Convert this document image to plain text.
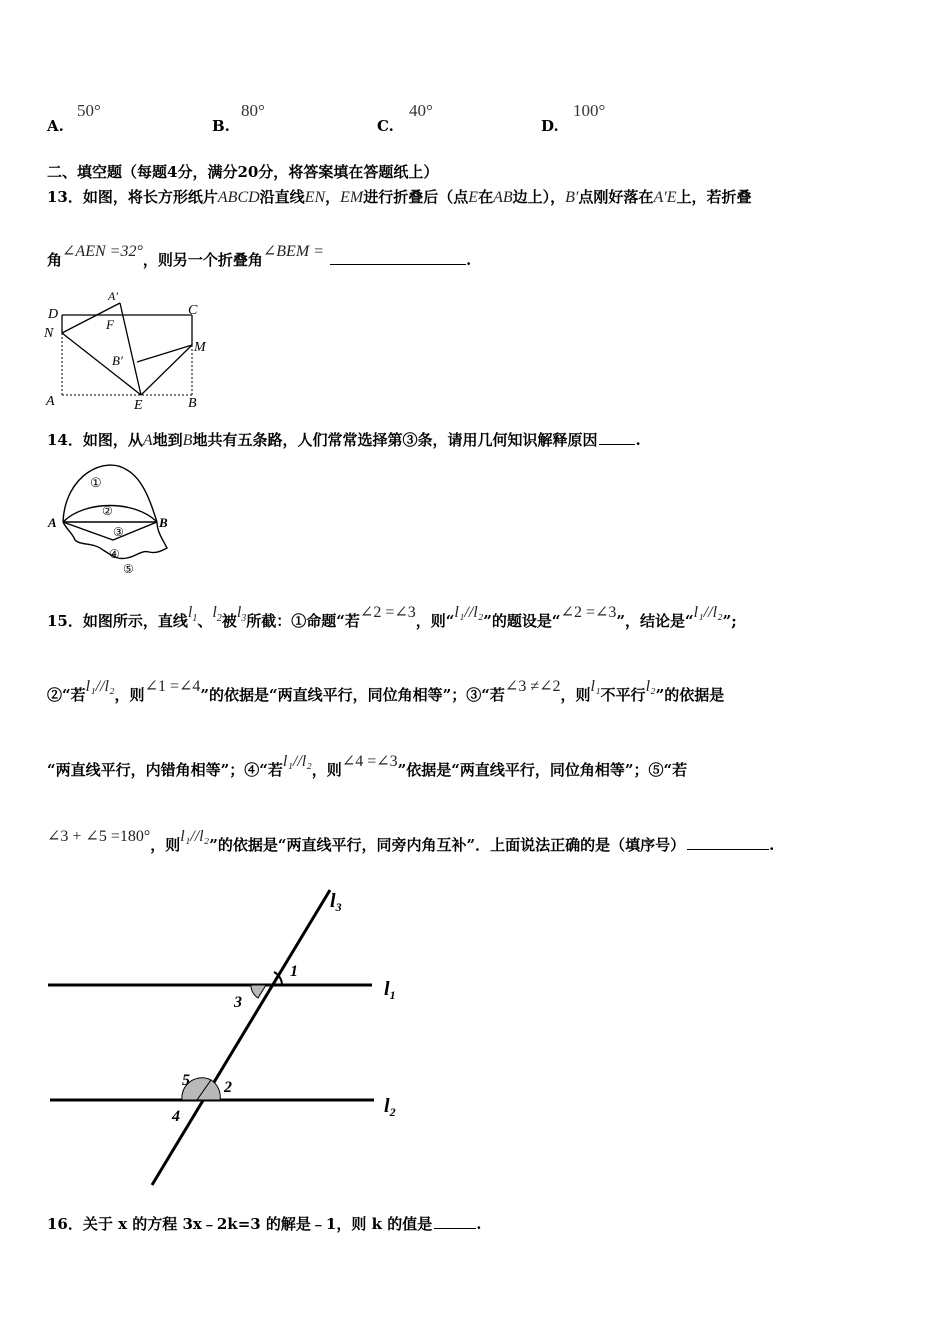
A.
50°
B.
80°
C.
40°
D.
100°
二、填空题（每题4分，满分20分，将答案填在答题纸上）
13．如图，将长方形纸片ABCD沿直线EN，EM进行折叠后（点E在AB边上），B′点刚好落在A′E上，若折叠
角∠AEN =32°，则另一个折叠角∠BEM =	.
D	C
N
M
A	E	B
A′
F
B′
14．如图，从A地到B地共有五条路，人们常常选择第③条，请用几何知识解释原因	.
A	B
①
②
③
④
⑤
15．如图所示，直线$l_1$、$l_2$被$l_3$所截：①命题“若∠2 =∠3，则“l₁//l₂”的题设是“∠2 =∠3”，结论是“l₁//l₂”;
②“若l₁//l₂，则∠1 =∠4”的依据是“两直线平行，同位角相等”；③“若∠3 ≠∠2，则l₁不平行l₂”的依据是
“两直线平行，内错角相等”；④“若l₁//l₂，则∠4 =∠3”依据是“两直线平行，同位角相等”；⑤“若
∠3 + ∠5 =180°，则l₁//l₂”的依据是“两直线平行，同旁内角互补”．上面说法正确的是（填序号）	.
$l_3$
$l_1$
$l_2$
1
3
5 2
4
16．关于 x 的方程 3x﹣2k=3 的解是﹣1，则 k 的值是	.
